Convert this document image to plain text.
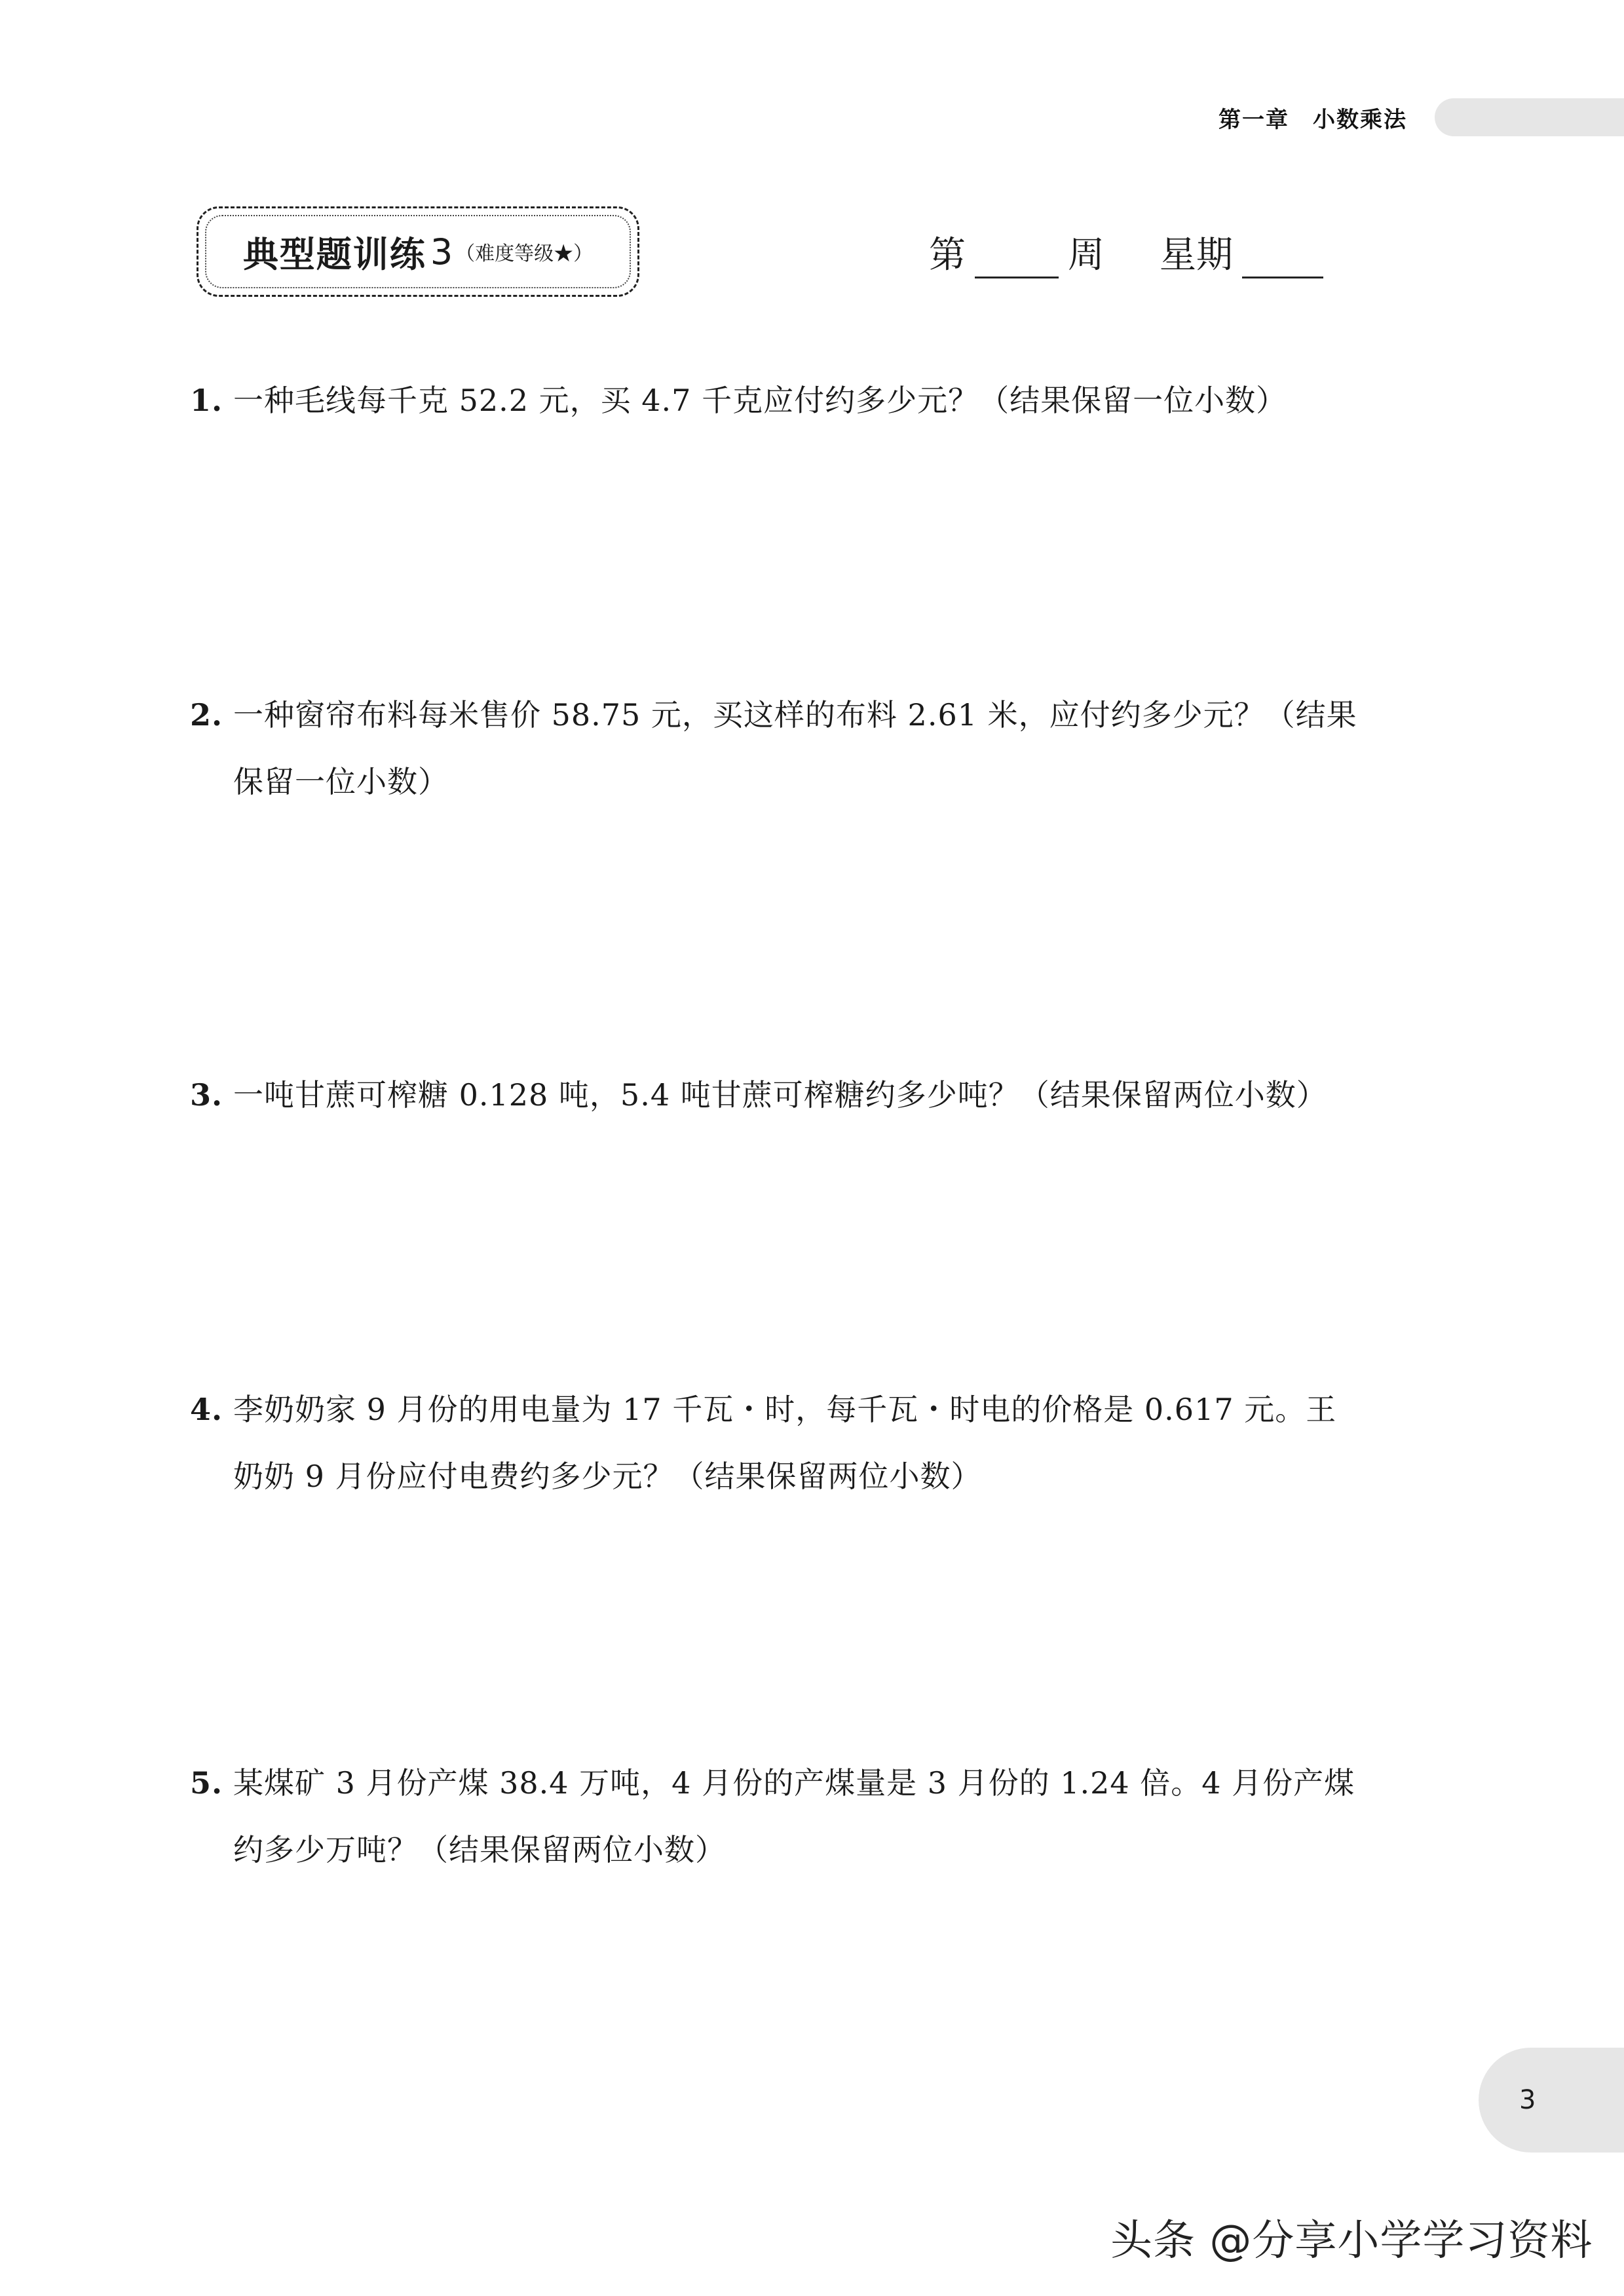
第一章　小数乘法
典型题训练 3 （难度等级★）	第	周 星期
1. 一种毛线每千克 52.2 元，买 4.7 千克应付约多少元？（结果保留一位小数）
2. 一种窗帘布料每米售价 58.75 元，买这样的布料 2.61 米，应付约多少元？（结果
保留一位小数）
3. 一吨甘蔗可榨糖 0.128 吨，5.4 吨甘蔗可榨糖约多少吨？（结果保留两位小数）
4. 李奶奶家 9 月份的用电量为 17 千瓦・时，每千瓦・时电的价格是 0.617 元。王
奶奶 9 月份应付电费约多少元？（结果保留两位小数）
5. 某煤矿 3 月份产煤 38.4 万吨，4 月份的产煤量是 3 月份的 1.24 倍。4 月份产煤
约多少万吨？（结果保留两位小数）
3
头条 @分享小学学习资料
